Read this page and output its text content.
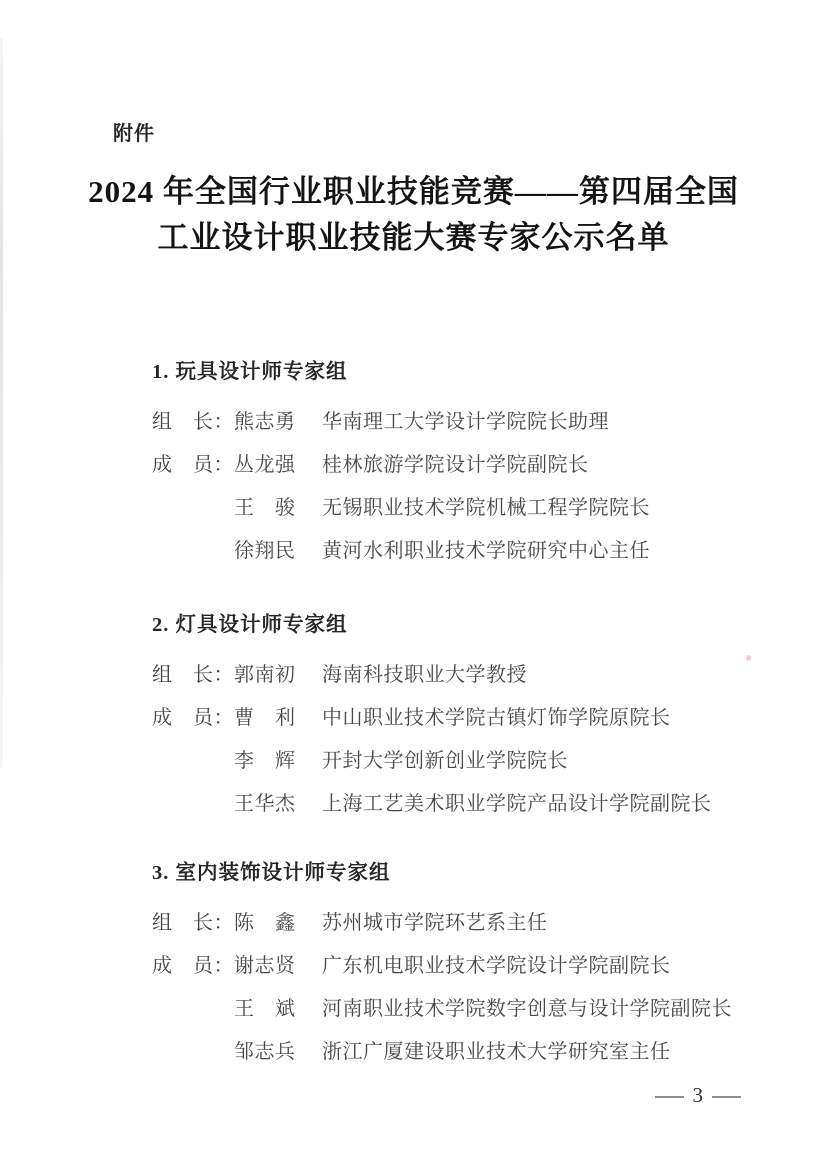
附件
2024 年全国行业职业技能竞赛——第四届全国
工业设计职业技能大赛专家公示名单
1. 玩具设计师专家组
组　长： 熊志勇	华南理工大学设计学院院长助理
成　员： 丛龙强	桂林旅游学院设计学院副院长
王　骏	无锡职业技术学院机械工程学院院长
徐翔民	黄河水利职业技术学院研究中心主任
2. 灯具设计师专家组
组　长： 郭南初	海南科技职业大学教授
成　员： 曹　利	中山职业技术学院古镇灯饰学院原院长
李　辉	开封大学创新创业学院院长
王华杰	上海工艺美术职业学院产品设计学院副院长
3. 室内装饰设计师专家组
组　长： 陈　鑫	苏州城市学院环艺系主任
成　员： 谢志贤	广东机电职业技术学院设计学院副院长
王　斌	河南职业技术学院数字创意与设计学院副院长
邹志兵	浙江广厦建设职业技术大学研究室主任
3
